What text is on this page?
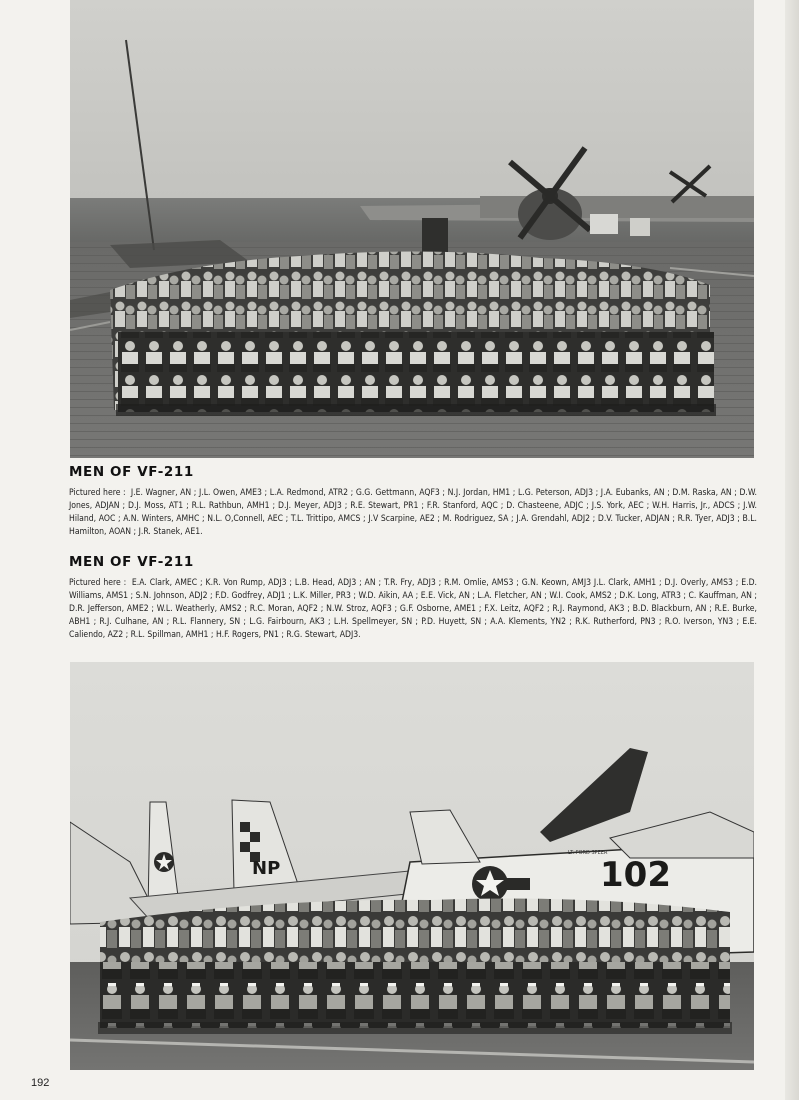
MEN OF VF-211

Pictured here : J.E. Wagner, AN ; J.L. Owen, AME3 ; L.A. Redmond, ATR2 ; G.G. Gettmann, AQF3 ; N.J. Jordan, HM1 ; L.G. Peterson, ADJ3 ; J.A. Eubanks, AN ; D.M. Raska, AN ; D.W. Jones, ADJAN ; D.J. Moss, AT1 ; R.L. Rathbun, AMH1 ; D.J. Meyer, ADJ3 ; R.E. Stewart, PR1 ; F.R. Stanford, AQC ; D. Chasteene, ADJC ; J.S. York, AEC ; W.H. Harris, Jr., ADCS ; J.W. Hiland, AOC ; A.N. Winters, AMHC ; N.L. O,Connell, AEC ; T.L. Trittipo, AMCS ; J.V Scarpine, AE2 ; M. Rodriguez, SA ; J.A. Grendahl, ADJ2 ; D.V. Tucker, ADJAN ; R.R. Tyer, ADJ3 ; B.L. Hamilton, AOAN ; J.R. Stanek, AE1.

MEN OF VF-211

Pictured here : E.A. Clark, AMEC ; K.R. Von Rump, ADJ3 ; L.B. Head, ADJ3 ; AN ; T.R. Fry, ADJ3 ; R.M. Omlie, AMS3 ; G.N. Keown, AMJ3 J.L. Clark, AMH1 ; D.J. Overly, AMS3 ; E.D. Williams, AMS1 ; S.N. Johnson, ADJ2 ; F.D. Godfrey, ADJ1 ; L.K. Miller, PR3 ; W.D. Aikin, AA ; E.E. Vick, AN ; L.A. Fletcher, AN ; W.I. Cook, AMS2 ; D.K. Long, ATR3 ; C. Kauffman, AN ; D.R. Jefferson, AME2 ; W.L. Weatherly, AMS2 ; R.C. Moran, AQF2 ; N.W. Stroz, AQF3 ; G.F. Osborne, AME1 ; F.X. Leitz, AQF2 ; R.J. Raymond, AK3 ; B.D. Blackburn, AN ; R.E. Burke, ABH1 ; R.J. Culhane, AN ; R.L. Flannery, SN ; L.G. Fairbourn, AK3 ; L.H. Spellmeyer, SN ; P.D. Huyett, SN ; A.A. Klements, YN2 ; R.K. Rutherford, PN3 ; R.O. Iverson, YN3 ; E.E. Caliendo, AZ2 ; R.L. Spillman, AMH1 ; H.F. Rogers, PN1 ; R.G. Stewart, ADJ3.

NP
LT. FORD SPEER
102
192
